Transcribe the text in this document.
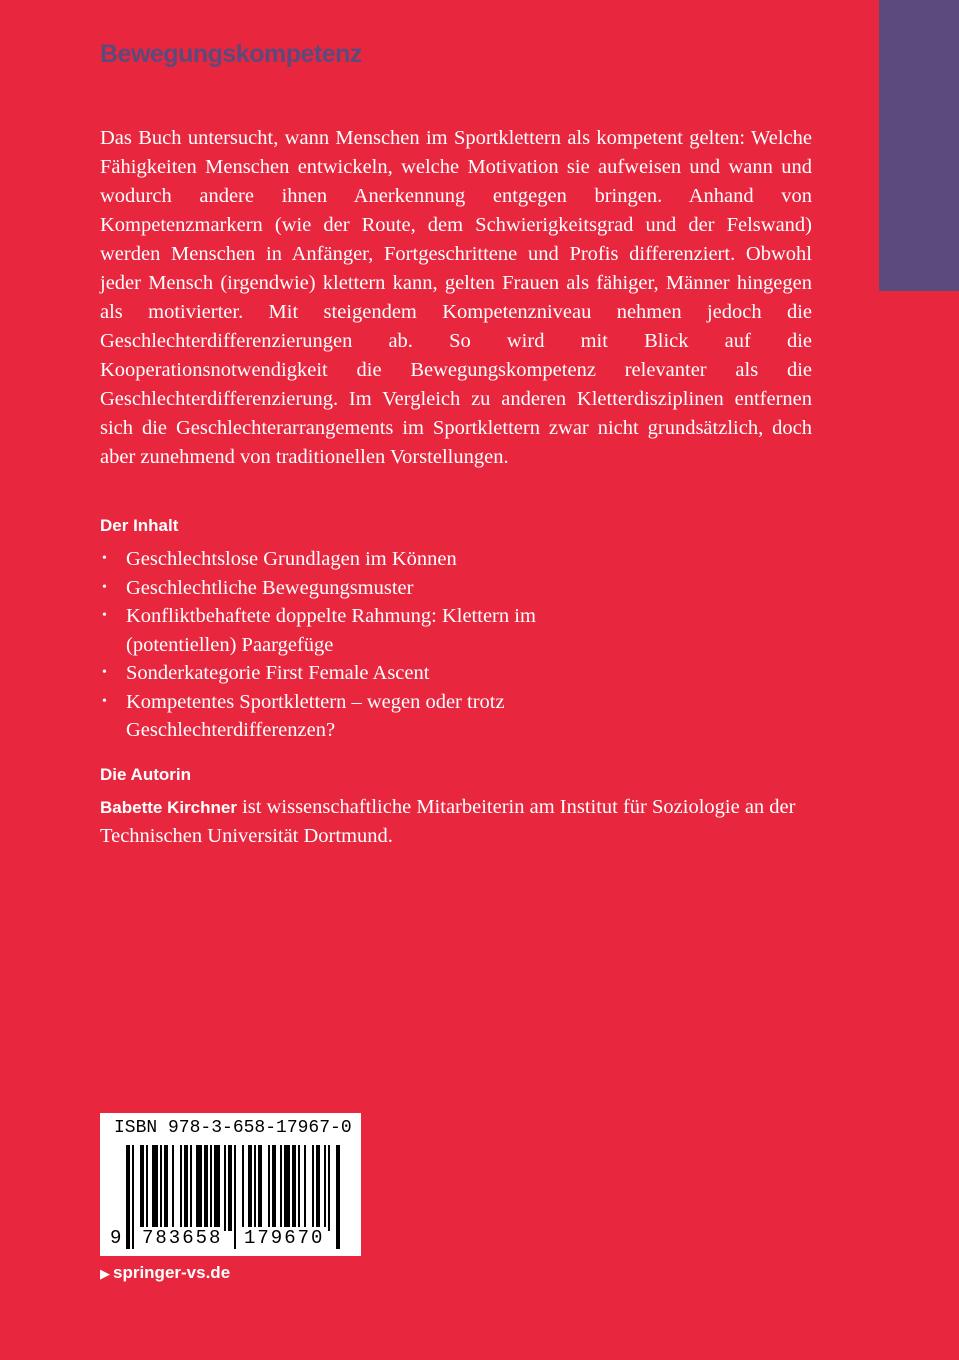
Bewegungskompetenz

Das Buch untersucht, wann Menschen im Sportklettern als kompetent gelten: Welche Fähigkeiten Menschen entwickeln, welche Motivation sie aufweisen und wann und wodurch andere ihnen Anerkennung entgegen bringen. Anhand von Kompetenzmarkern (wie der Route, dem Schwierigkeitsgrad und der Felswand) werden Menschen in Anfänger, Fortgeschrittene und Profis differenziert. Obwohl jeder Mensch (irgendwie) klettern kann, gelten Frauen als fähiger, Männer hingegen als motivierter. Mit steigendem Kompetenzniveau nehmen jedoch die Geschlechterdifferenzierungen ab. So wird mit Blick auf die Kooperationsnotwendigkeit die Bewegungskompetenz relevanter als die Geschlechterdifferenzierung. Im Vergleich zu anderen Kletterdisziplinen entfernen sich die Geschlechterarrangements im Sportklettern zwar nicht grundsätzlich, doch aber zunehmend von traditionellen Vorstellungen.

Der Inhalt
• Geschlechtslose Grundlagen im Können
• Geschlechtliche Bewegungsmuster
• Konfliktbehaftete doppelte Rahmung: Klettern im (potentiellen) Paargefüge
• Sonderkategorie First Female Ascent
• Kompetentes Sportklettern – wegen oder trotz Geschlechterdifferenzen?
Die Autorin

Babette Kirchner ist wissenschaftliche Mitarbeiterin am Institut für Soziologie an der Technischen Universität Dortmund.

ISBN 978-3-658-17967-0
9 783658 179670
▶ springer-vs.de
